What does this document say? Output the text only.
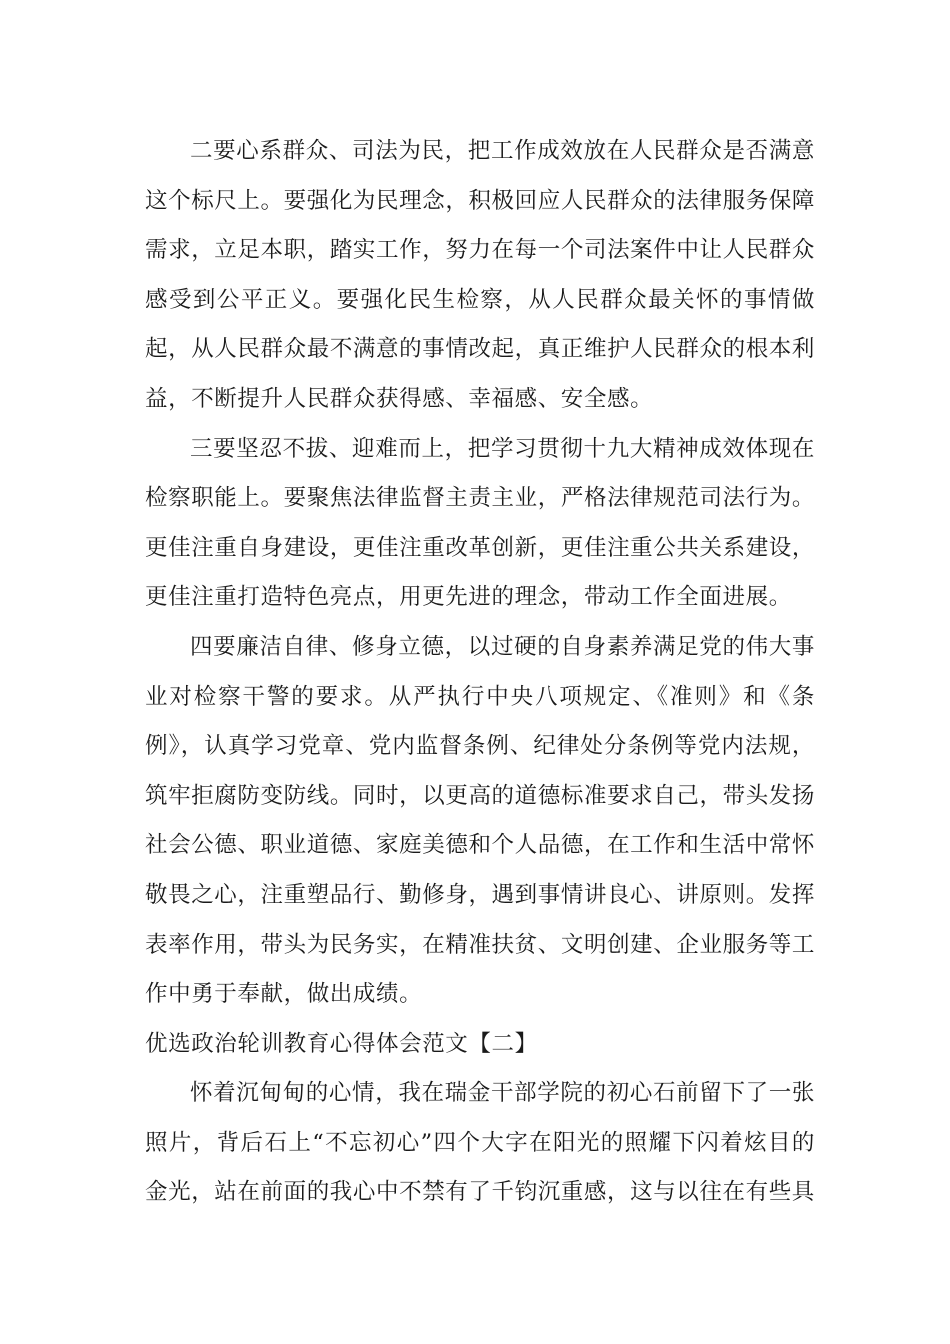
二要心系群众、司法为民，把工作成效放在人民群众是否满意这个标尺上。要强化为民理念，积极回应人民群众的法律服务保障需求，立足本职，踏实工作，努力在每一个司法案件中让人民群众感受到公平正义。要强化民生检察，从人民群众最关怀的事情做起，从人民群众最不满意的事情改起，真正维护人民群众的根本利益，不断提升人民群众获得感、幸福感、安全感。

三要坚忍不拔、迎难而上，把学习贯彻十九大精神成效体现在检察职能上。要聚焦法律监督主责主业，严格法律规范司法行为。更佳注重自身建设，更佳注重改革创新，更佳注重公共关系建设，更佳注重打造特色亮点，用更先进的理念，带动工作全面进展。

四要廉洁自律、修身立德，以过硬的自身素养满足党的伟大事业对检察干警的要求。从严执行中央八项规定、《准则》和《条例》，认真学习党章、党内监督条例、纪律处分条例等党内法规，筑牢拒腐防变防线。同时，以更高的道德标准要求自己，带头发扬社会公德、职业道德、家庭美德和个人品德，在工作和生活中常怀敬畏之心，注重塑品行、勤修身，遇到事情讲良心、讲原则。发挥表率作用，带头为民务实，在精准扶贫、文明创建、企业服务等工作中勇于奉献，做出成绩。

优选政治轮训教育心得体会范文【二】

怀着沉甸甸的心情，我在瑞金干部学院的初心石前留下了一张照片，背后石上“不忘初心”四个大字在阳光的照耀下闪着炫目的金光，站在前面的我心中不禁有了千钧沉重感，这与以往在有些具
